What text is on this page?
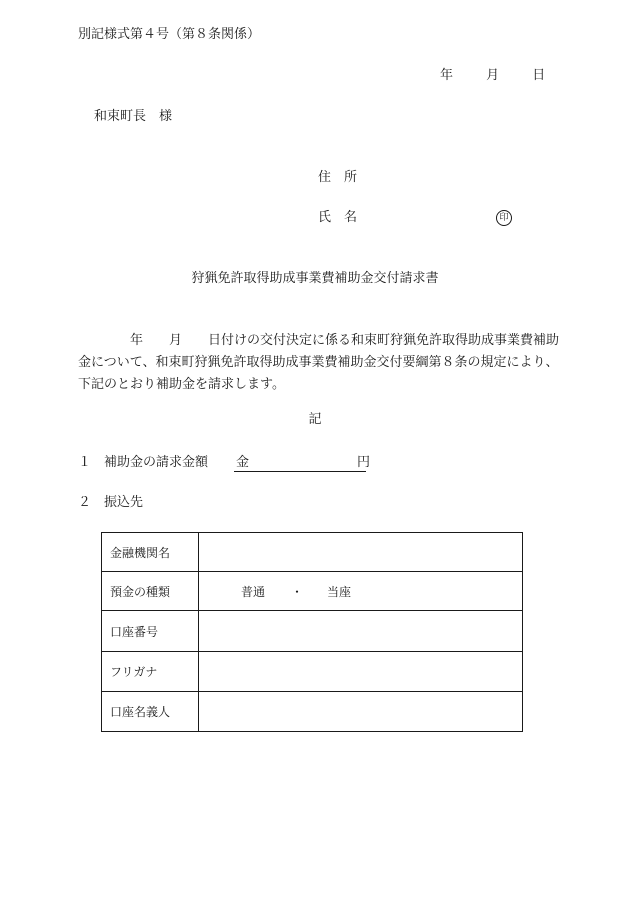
別記様式第４号（第８条関係）
年	月	日
和束町長　様
住　所
氏　名	印
狩猟免許取得助成事業費補助金交付請求書
年　　月　　日付けの交付決定に係る和束町狩猟免許取得助成事業費補助金について、和束町狩猟免許取得助成事業費補助金交付要綱第８条の規定により、下記のとおり補助金を請求します。
記
１ 補助金の請求金額 金	円
２ 振込先
金融機関名	
預金の種類	普通 ・ 当座
口座番号	
フリガナ	
口座名義人	
